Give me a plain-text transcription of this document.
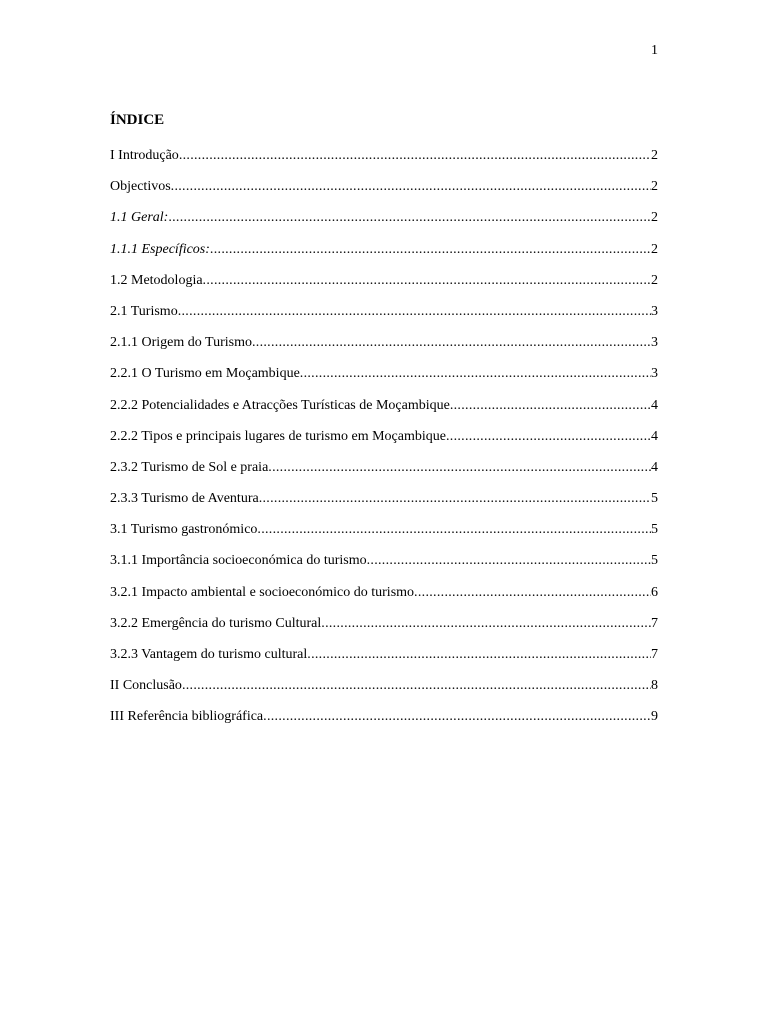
1
ÍNDICE
I Introdução .....	2
Objectivos .....	2
1.1 Geral: .....	2
1.1.1 Específicos: .....	2
1.2 Metodologia .....	2
2.1 Turismo .....	3
2.1.1 Origem do Turismo .....	3
2.2.1 O Turismo em Moçambique .....	3
2.2.2 Potencialidades e Atracções Turísticas de Moçambique .....	4
2.2.2 Tipos e principais lugares de turismo em Moçambique .....	4
2.3.2 Turismo de Sol e praia .....	4
2.3.3 Turismo de Aventura .....	5
3.1 Turismo gastronómico .....	5
3.1.1 Importância socioeconómica do turismo .....	5
3.2.1 Impacto ambiental e socioeconómico do turismo .....	6
3.2.2 Emergência do turismo Cultural .....	7
3.2.3 Vantagem do turismo cultural .....	7
II Conclusão .....	8
III Referência bibliográfica .....	9
